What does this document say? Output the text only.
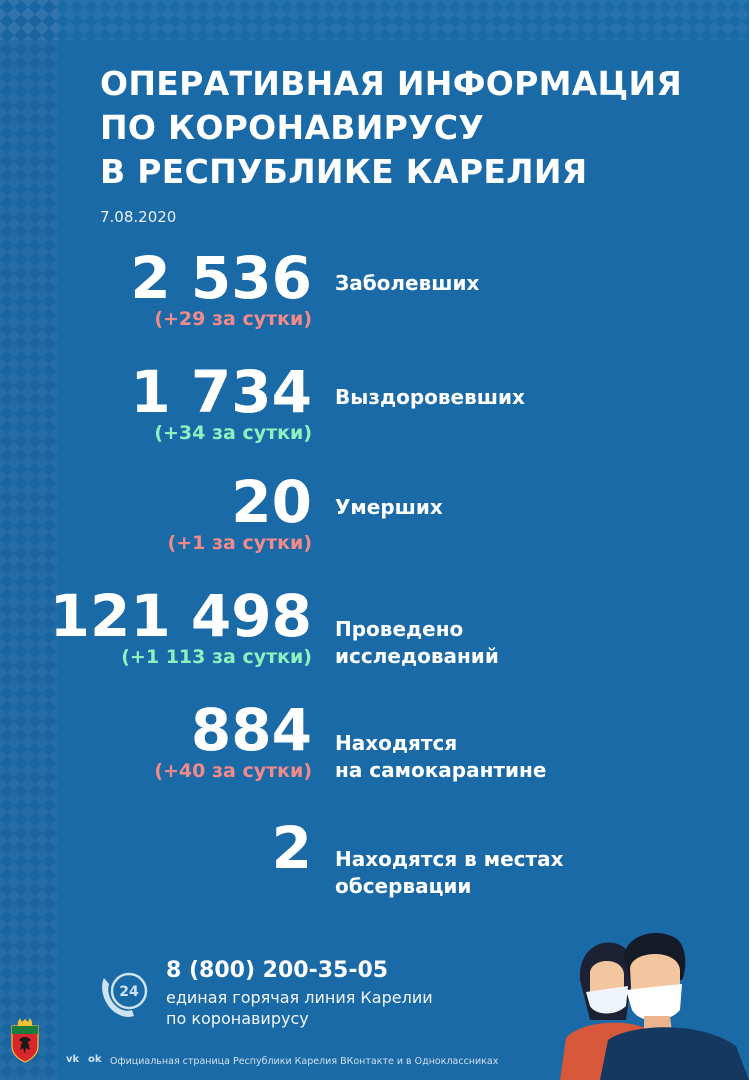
ОПЕРАТИВНАЯ ИНФОРМАЦИЯ
ПО КОРОНАВИРУСУ
В РЕСПУБЛИКЕ КАРЕЛИЯ
7.08.2020
2 536
(+29 за сутки)
Заболевших
1 734
(+34 за сутки)
Выздоровевших
20
(+1 за сутки)
Умерших
121 498
(+1 113 за сутки)
Проведено
исследований
884
(+40 за сутки)
Находятся
на самокарантине
2 Находятся в местах
обсервации
24
8 (800) 200-35-05
единая горячая линия Карелии
по коронавирусу
vk ok Официальная страница Республики Карелия ВКонтакте и в Одноклассниках
